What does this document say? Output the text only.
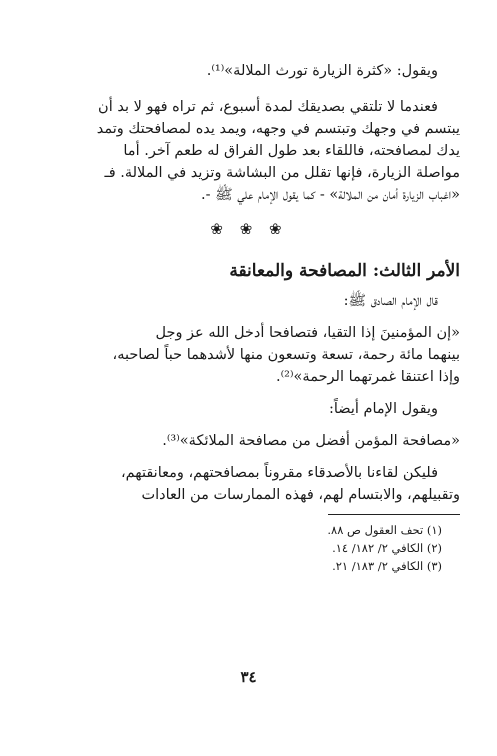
ويقول: «كثرة الزيارة تورث الملالة»⁽¹⁾.

فعندما لا تلتقي بصديقك لمدة أسبوع، ثم تراه فهو لا بد أن

يبتسم في وجهك وتبتسم في وجهه، ويمد يده لمصافحتك وتمد

يدك لمصافحته، فاللقاء بعد طول الفراق له طعم آخر. أما

مواصلة الزيارة، فإنها تقلل من البشاشة وتزيد في الملالة. فـ

«اغباب الزيارة أمان من الملالة» - كما يقول الإمام علي ﷺ -.

❀ ❀ ❀
الأمر الثالث: المصافحة والمعانقة

قال الإمام الصادق ﷺ:

«إن المؤمنينَ إذا التقيا، فتصافحا أدخل الله عز وجل

بينهما مائة رحمة، تسعة وتسعون منها لأشدهما حباً لصاحبه،

وإذا اعتنقا غمرتهما الرحمة»⁽²⁾.

ويقول الإمام أيضاً:

«مصافحة المؤمن أفضل من مصافحة الملائكة»⁽³⁾.

فليكن لقاءنا بالأصدقاء مقروناً بمصافحتهم، ومعانقتهم،

وتقبيلهم، والابتسام لهم، فهذه الممارسات من العادات

(١) تحف العقول ص ٨٨.

(٢) الكافي ٢/ ١٨٢/ ١٤.

(٣) الكافي ٢/ ١٨٣/ ٢١.

٣٤
